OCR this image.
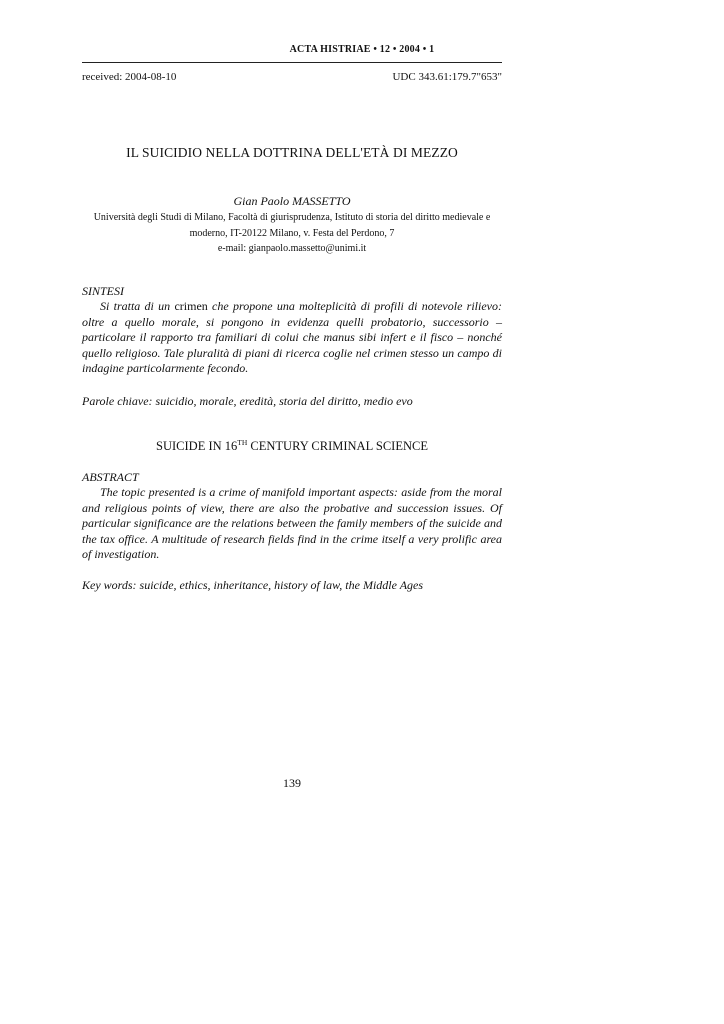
ACTA HISTRIAE • 12 • 2004 • 1
received: 2004-08-10	UDC 343.61:179.7"653"
IL SUICIDIO NELLA DOTTRINA DELL'ETÀ DI MEZZO
Gian Paolo MASSETTO
Università degli Studi di Milano, Facoltà di giurisprudenza, Istituto di storia del diritto medievale e
moderno, IT-20122 Milano, v. Festa del Perdono, 7
e-mail: gianpaolo.massetto@unimi.it
SINTESI
Si tratta di un crimen che propone una molteplicità di profili di notevole rilievo: oltre a quello morale, si pongono in evidenza quelli probatorio, successorio – particolare il rapporto tra familiari di colui che manus sibi infert e il fisco – nonché quello religioso. Tale pluralità di piani di ricerca coglie nel crimen stesso un campo di indagine particolarmente fecondo.
Parole chiave: suicidio, morale, eredità, storia del diritto, medio evo
SUICIDE IN 16TH CENTURY CRIMINAL SCIENCE
ABSTRACT
The topic presented is a crime of manifold important aspects: aside from the moral and religious points of view, there are also the probative and succession issues. Of particular significance are the relations between the family members of the suicide and the tax office. A multitude of research fields find in the crime itself a very prolific area of investigation.
Key words: suicide, ethics, inheritance, history of law, the Middle Ages
139
